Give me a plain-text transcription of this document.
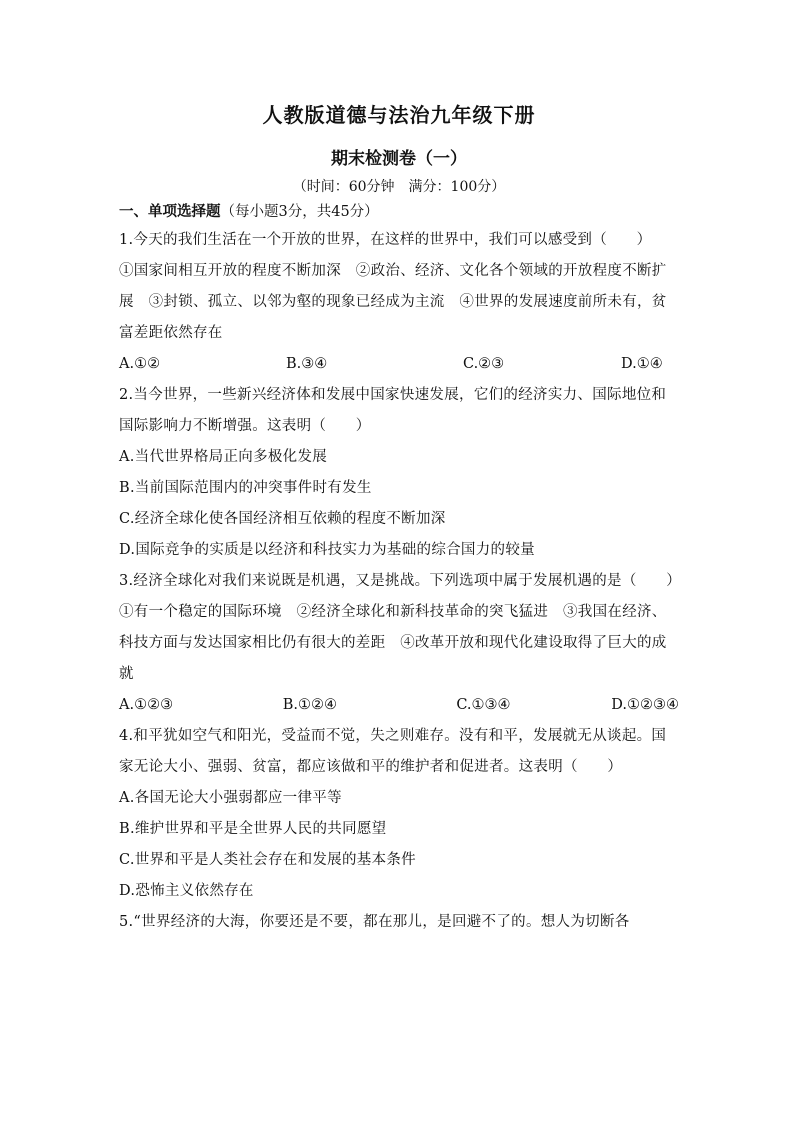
人教版道德与法治九年级下册
期末检测卷（一）
（时间：60分钟　满分：100分）
一、单项选择题（每小题3分，共45分）

1.今天的我们生活在一个开放的世界，在这样的世界中，我们可以感受到（　　）

①国家间相互开放的程度不断加深　②政治、经济、文化各个领域的开放程度不断扩展　③封锁、孤立、以邻为壑的现象已经成为主流　④世界的发展速度前所未有，贫富差距依然存在

A.①②	B.③④	C.②③	D.①④

2.当今世界，一些新兴经济体和发展中国家快速发展，它们的经济实力、国际地位和国际影响力不断增强。这表明（　　）

A.当代世界格局正向多极化发展

B.当前国际范围内的冲突事件时有发生

C.经济全球化使各国经济相互依赖的程度不断加深

D.国际竞争的实质是以经济和科技实力为基础的综合国力的较量

3.经济全球化对我们来说既是机遇，又是挑战。下列选项中属于发展机遇的是（　　）

①有一个稳定的国际环境　②经济全球化和新科技革命的突飞猛进　③我国在经济、科技方面与发达国家相比仍有很大的差距　④改革开放和现代化建设取得了巨大的成就

A.①②③	B.①②④	C.①③④	D.①②③④

4.和平犹如空气和阳光，受益而不觉，失之则难存。没有和平，发展就无从谈起。国家无论大小、强弱、贫富，都应该做和平的维护者和促进者。这表明（　　）

A.各国无论大小强弱都应一律平等

B.维护世界和平是全世界人民的共同愿望

C.世界和平是人类社会存在和发展的基本条件

D.恐怖主义依然存在

5.“世界经济的大海，你要还是不要，都在那儿，是回避不了的。想人为切断各
